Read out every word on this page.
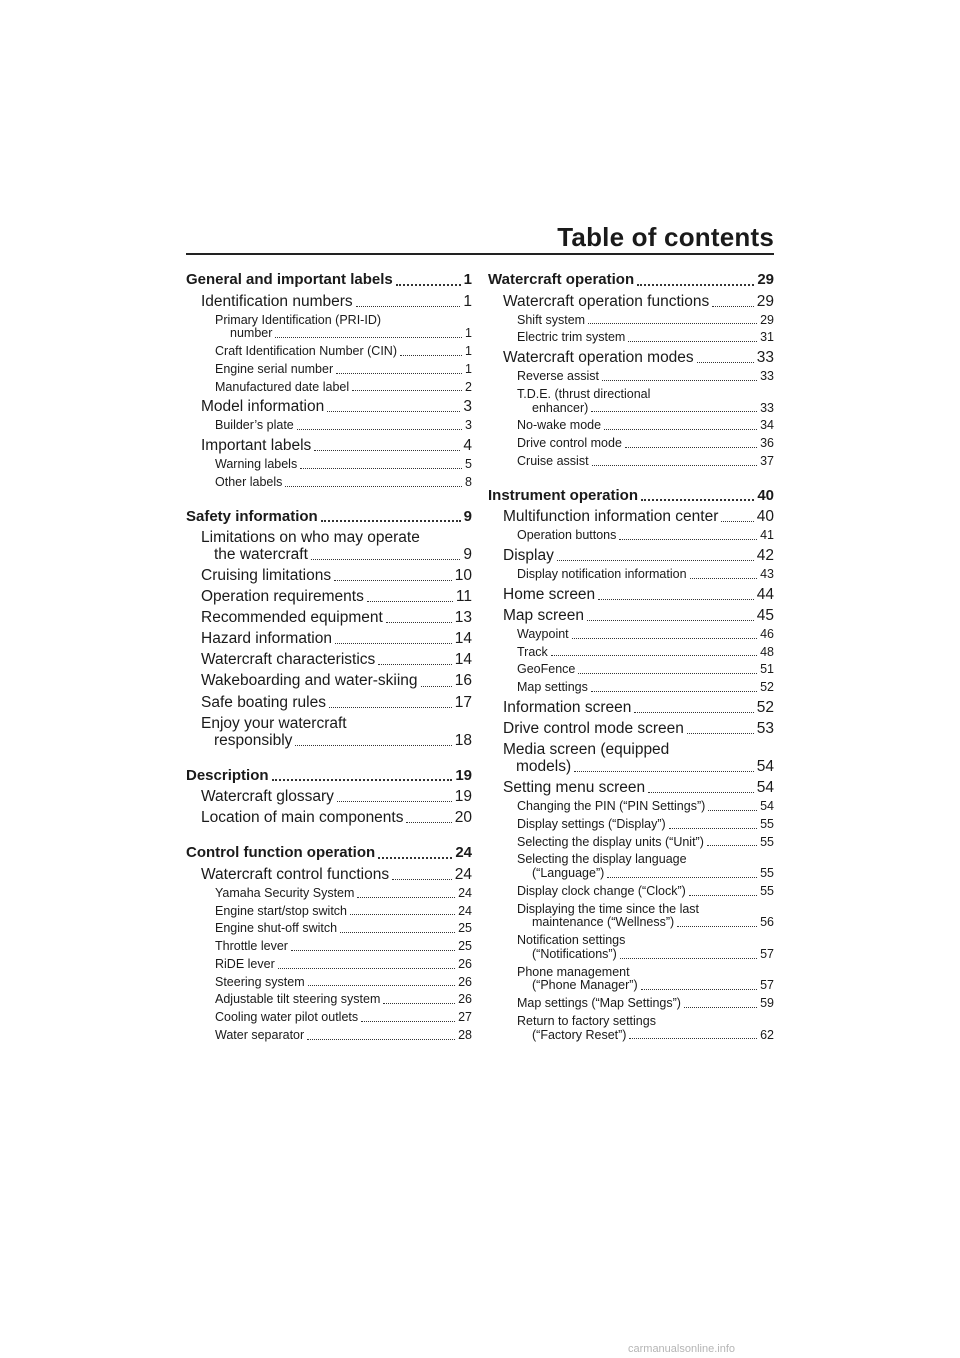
Table of contents
General and important labels	1
Identification numbers	1
Primary Identification (PRI-ID)
number	1
Craft Identification Number (CIN)	1
Engine serial number	1
Manufactured date label	2
Model information	3
Builder’s plate	3
Important labels	4
Warning labels	5
Other labels	8
Safety information	9
Limitations on who may operate
the watercraft	9
Cruising limitations	10
Operation requirements	11
Recommended equipment	13
Hazard information	14
Watercraft characteristics	14
Wakeboarding and water-skiing 16
Safe boating rules	17
Enjoy your watercraft
responsibly	18
Description	19
Watercraft glossary	19
Location of main components	20
Control function operation	24
Watercraft control functions	24
Yamaha Security System	24
Engine start/stop switch	24
Engine shut-off switch	25
Throttle lever	25
RiDE lever	26
Steering system	26
Adjustable tilt steering system	26
Cooling water pilot outlets	27
Water separator	28
Watercraft operation	29
Watercraft operation functions	29
Shift system	29
Electric trim system	31
Watercraft operation modes	33
Reverse assist	33
T.D.E. (thrust directional
enhancer)	33
No-wake mode	34
Drive control mode	36
Cruise assist	37
Instrument operation	40
Multifunction information center 40
Operation buttons	41
Display	42
Display notification information	43
Home screen	44
Map screen	45
Waypoint	46
Track	48
GeoFence	51
Map settings	52
Information screen	52
Drive control mode screen	53
Media screen (equipped
models)	54
Setting menu screen	54
Changing the PIN (“PIN Settings”)	54
Display settings (“Display”)	55
Selecting the display units (“Unit”)	55
Selecting the display language
(“Language”)	55
Display clock change (“Clock”)	55
Displaying the time since the last
maintenance (“Wellness”)	56
Notification settings
(“Notifications”)	57
Phone management
(“Phone Manager”)	57
Map settings (“Map Settings”)	59
Return to factory settings
(“Factory Reset”)	62
carmanualsonline.info
